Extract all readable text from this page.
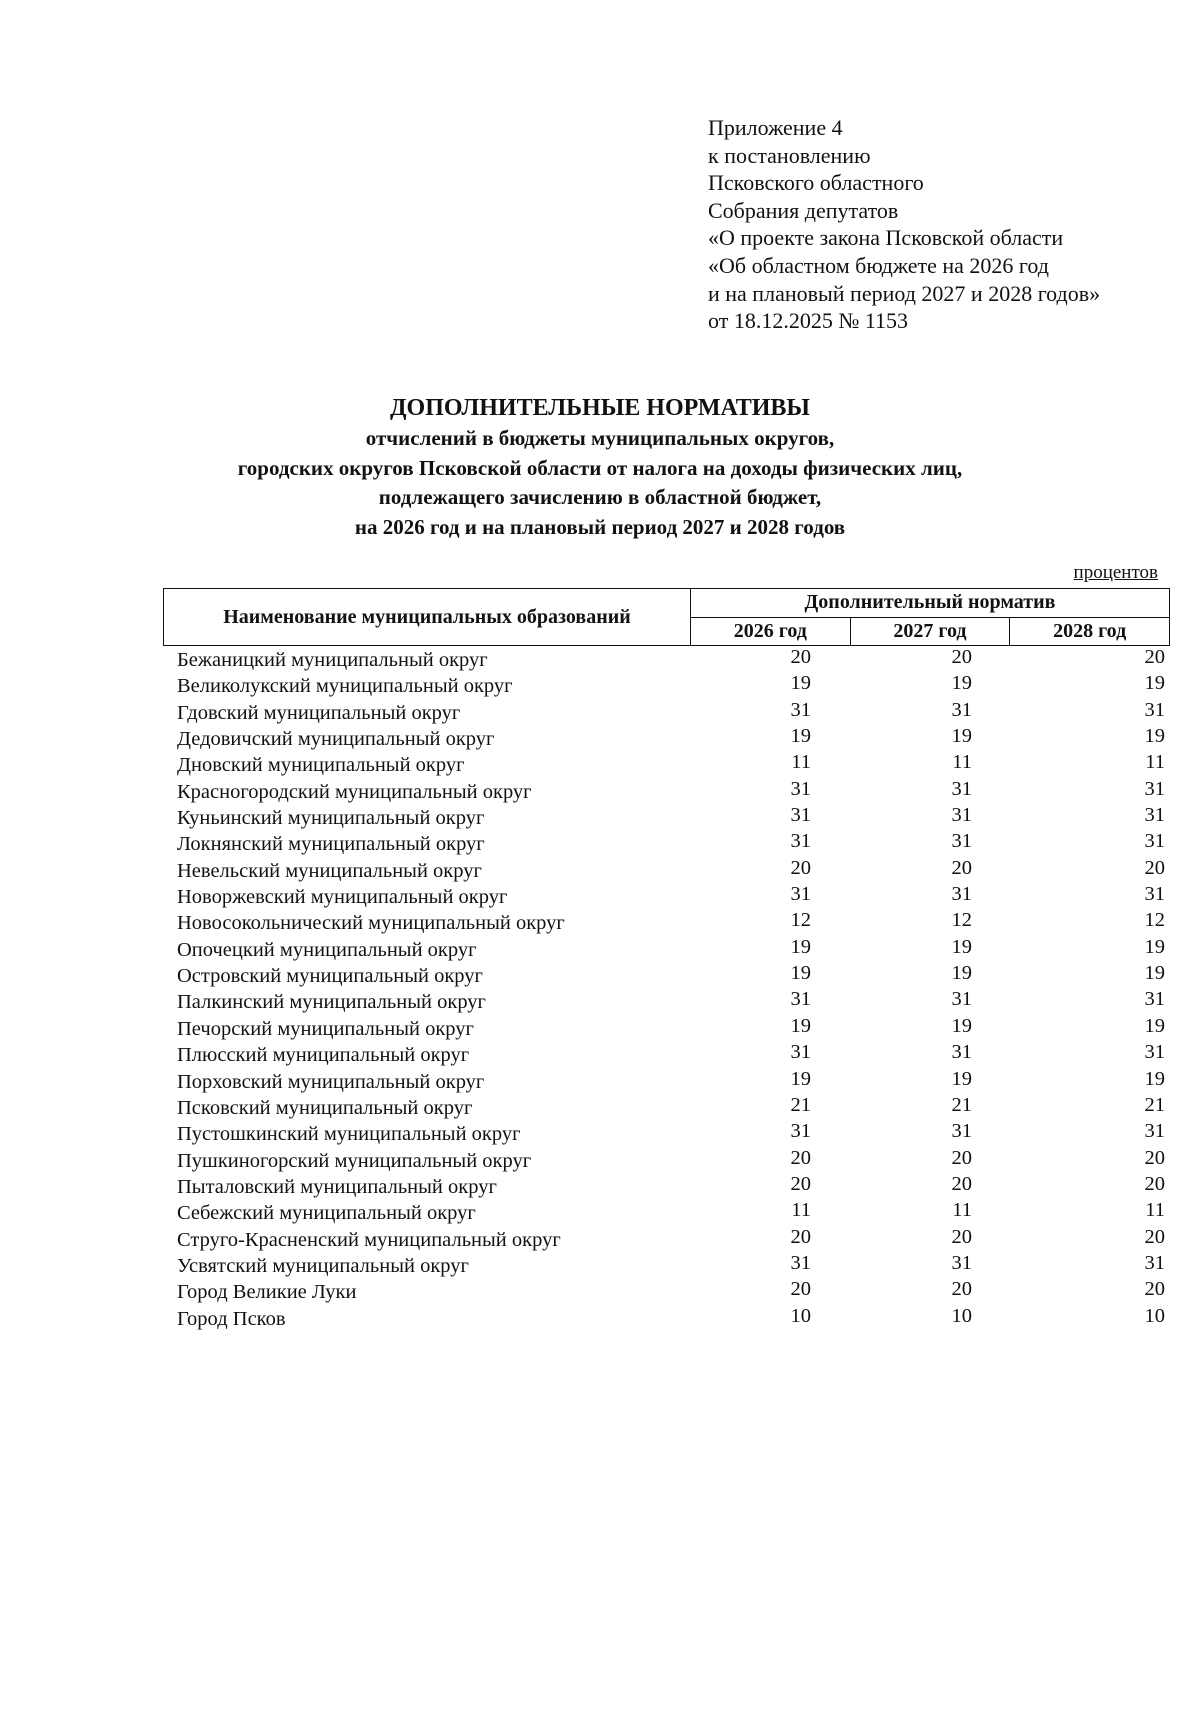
Приложение 4
к постановлению
Псковского областного
Собрания депутатов
«О проекте закона Псковской области
«Об областном бюджете на 2026 год
и на плановый период 2027 и 2028 годов»
от 18.12.2025 № 1153
ДОПОЛНИТЕЛЬНЫЕ НОРМАТИВЫ
отчислений в бюджеты муниципальных округов,
городских округов Псковской области от налога на доходы физических лиц,
подлежащего зачислению в областной бюджет,
на 2026 год и на плановый период 2027 и 2028 годов
процентов
Наименование муниципальных образований	Дополнительный норматив		
	2026 год	2027 год	2028 год
Бежаницкий муниципальный округ	20	20	20
Великолукский муниципальный округ	19	19	19
Гдовский муниципальный округ	31	31	31
Дедовичский муниципальный округ	19	19	19
Дновский муниципальный округ	11	11	11
Красногородский муниципальный округ	31	31	31
Куньинский муниципальный округ	31	31	31
Локнянский муниципальный округ	31	31	31
Невельский муниципальный округ	20	20	20
Новоржевский муниципальный округ	31	31	31
Новосокольнический муниципальный округ	12	12	12
Опочецкий муниципальный округ	19	19	19
Островский муниципальный округ	19	19	19
Палкинский муниципальный округ	31	31	31
Печорский муниципальный округ	19	19	19
Плюсский муниципальный округ	31	31	31
Порховский муниципальный округ	19	19	19
Псковский муниципальный округ	21	21	21
Пустошкинский муниципальный округ	31	31	31
Пушкиногорский муниципальный округ	20	20	20
Пыталовский муниципальный округ	20	20	20
Себежский муниципальный округ	11	11	11
Струго-Красненский муниципальный округ	20	20	20
Усвятский муниципальный округ	31	31	31
Город Великие Луки	20	20	20
Город Псков	10	10	10
